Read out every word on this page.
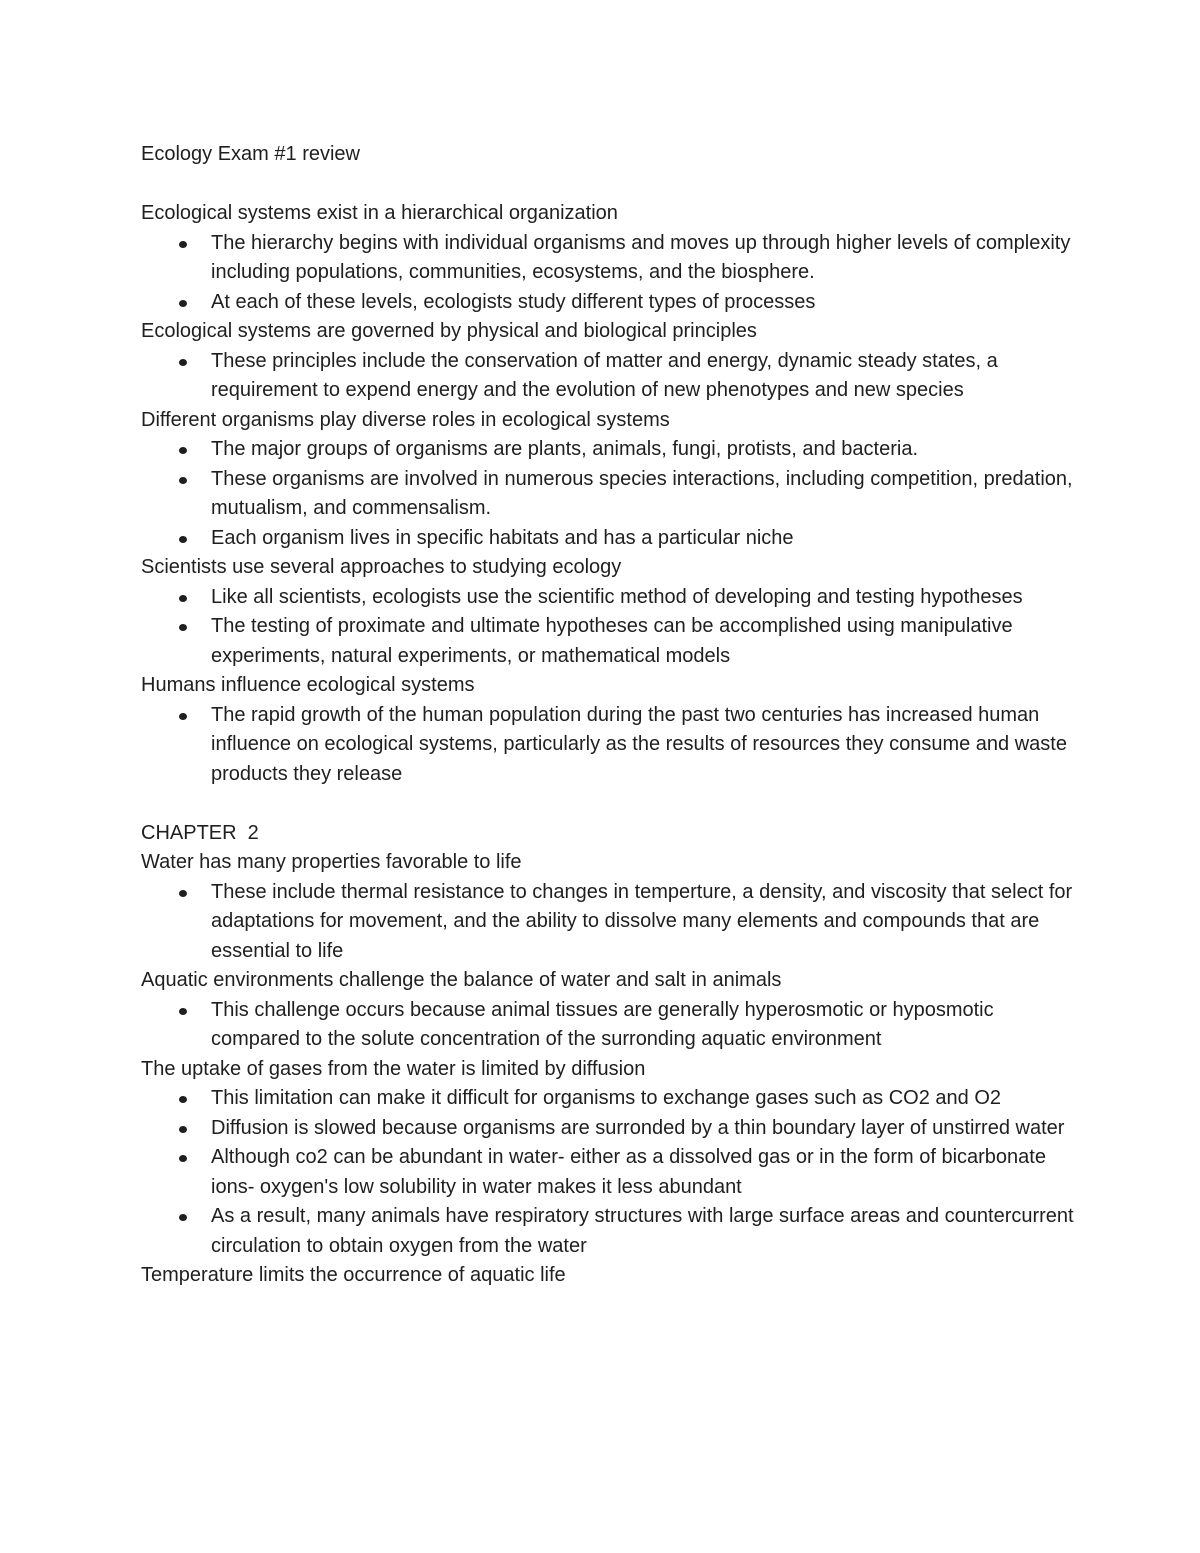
Ecology Exam #1 review

Ecological systems exist in a hierarchical organization

The hierarchy begins with individual organisms and moves up through higher levels of complexity including populations, communities, ecosystems, and the biosphere.
At each of these levels, ecologists study different types of processes

Ecological systems are governed by physical and biological principles

These principles include the conservation of matter and energy, dynamic steady states, a requirement to expend energy and the evolution of new phenotypes and new species

Different organisms play diverse roles in ecological systems

The major groups of organisms are plants, animals, fungi, protists, and bacteria.
These organisms are involved in numerous species interactions, including competition, predation, mutualism, and commensalism.
Each organism lives in specific habitats and has a particular niche

Scientists use several approaches to studying ecology

Like all scientists, ecologists use the scientific method of developing and testing hypotheses
The testing of proximate and ultimate hypotheses can be accomplished using manipulative experiments, natural experiments, or mathematical models

Humans influence ecological systems

The rapid growth of the human population during the past two centuries has increased human influence on ecological systems, particularly as the results of resources they consume and waste products they release

CHAPTER  2

Water has many properties favorable to life

These include thermal resistance to changes in temperture, a density, and viscosity that select for adaptations for movement, and the ability to dissolve many elements and compounds that are essential to life

Aquatic environments challenge the balance of water and salt in animals

This challenge occurs because animal tissues are generally hyperosmotic or hyposmotic compared to the solute concentration of the surronding aquatic environment

The uptake of gases from the water is limited by diffusion

This limitation can make it difficult for organisms to exchange gases such as CO2 and O2
Diffusion is slowed because organisms are surronded by a thin boundary layer of unstirred water
Although co2 can be abundant in water- either as a dissolved gas or in the form of bicarbonate ions- oxygen's low solubility in water makes it less abundant
As a result, many animals have respiratory structures with large surface areas and countercurrent circulation to obtain oxygen from the water

Temperature limits the occurrence of aquatic life
